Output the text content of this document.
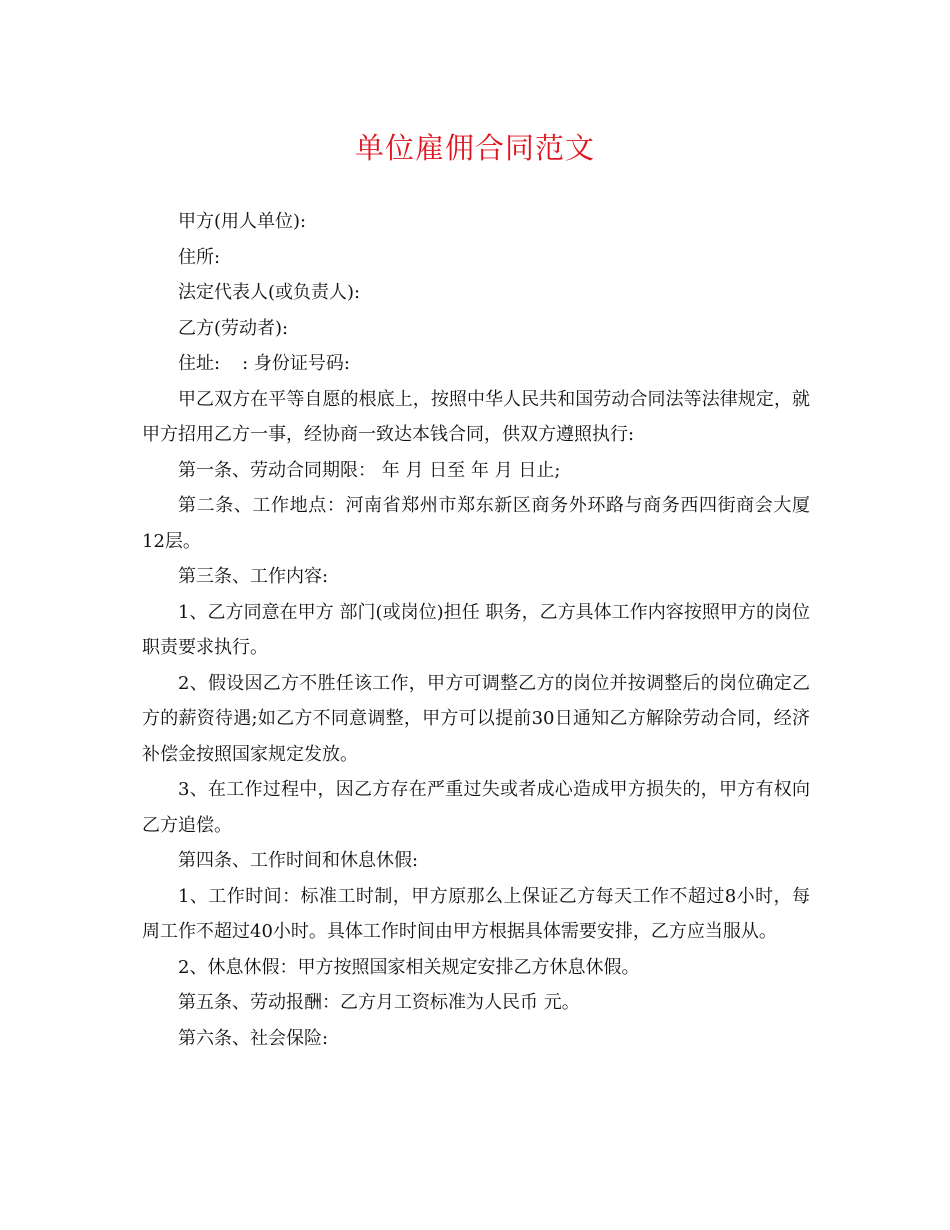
单位雇佣合同范文

甲方(用人单位):

住所:

法定代表人(或负责人):

乙方(劳动者):

住址: : 身份证号码:

甲乙双方在平等自愿的根底上，按照中华人民共和国劳动合同法等法律规定，就甲方招用乙方一事，经协商一致达本钱合同，供双方遵照执行:

第一条、劳动合同期限： 年 月 日至 年 月 日止;

第二条、工作地点：河南省郑州市郑东新区商务外环路与商务西四街商会大厦12层。

第三条、工作内容:

1、乙方同意在甲方 部门(或岗位)担任 职务，乙方具体工作内容按照甲方的岗位职责要求执行。

2、假设因乙方不胜任该工作，甲方可调整乙方的岗位并按调整后的岗位确定乙方的薪资待遇;如乙方不同意调整，甲方可以提前30日通知乙方解除劳动合同，经济补偿金按照国家规定发放。

3、在工作过程中，因乙方存在严重过失或者成心造成甲方损失的，甲方有权向乙方追偿。

第四条、工作时间和休息休假:

1、工作时间：标准工时制，甲方原那么上保证乙方每天工作不超过8小时，每周工作不超过40小时。具体工作时间由甲方根据具体需要安排，乙方应当服从。

2、休息休假：甲方按照国家相关规定安排乙方休息休假。

第五条、劳动报酬：乙方月工资标准为人民币 元。

第六条、社会保险:
